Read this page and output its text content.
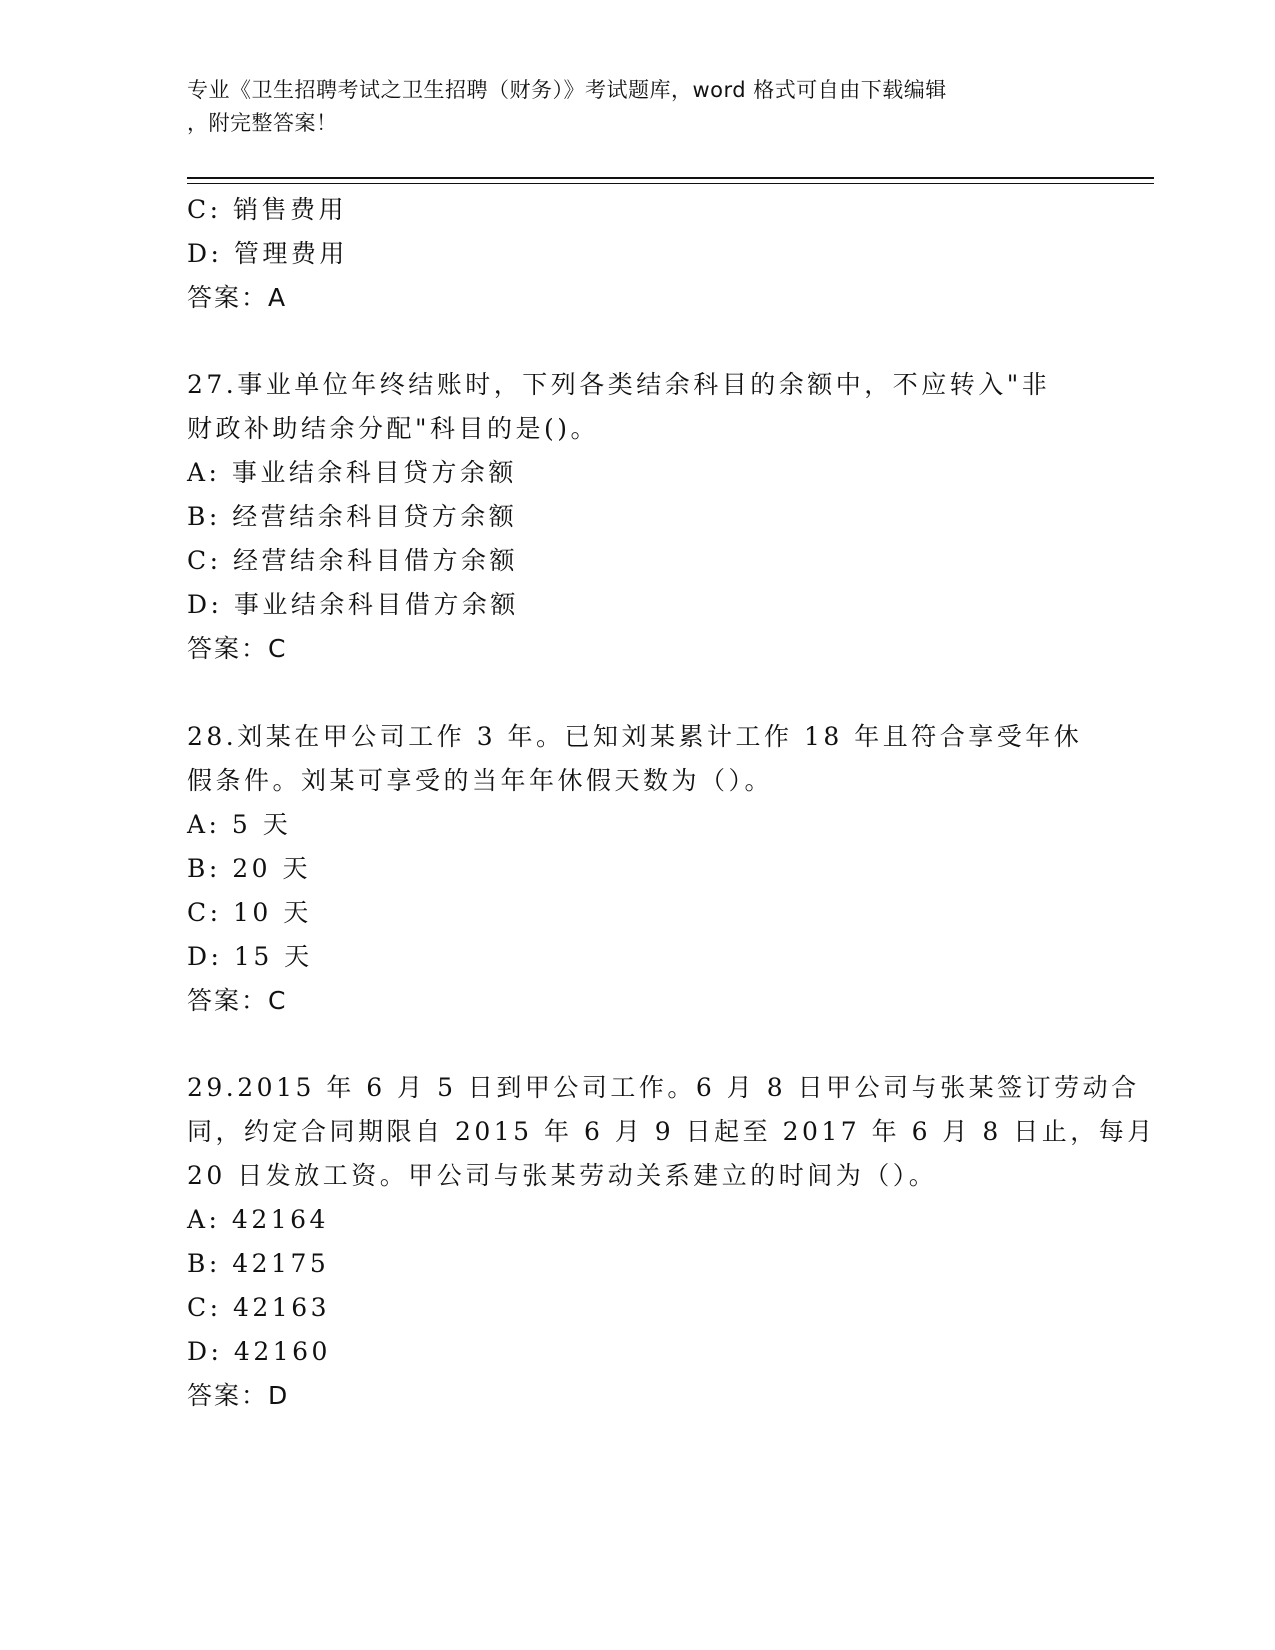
专业《卫生招聘考试之卫生招聘（财务）》考试题库，word 格式可自由下载编辑
，附完整答案！
C: 销售费用
D: 管理费用
答案：A
27.事业单位年终结账时，下列各类结余科目的余额中，不应转入"非
财政补助结余分配"科目的是()。
A: 事业结余科目贷方余额
B: 经营结余科目贷方余额
C: 经营结余科目借方余额
D: 事业结余科目借方余额
答案：C
28.刘某在甲公司工作 3 年。已知刘某累计工作 18 年且符合享受年休
假条件。刘某可享受的当年年休假天数为（）。
A: 5 天
B: 20 天
C: 10 天
D: 15 天
答案：C
29.2015 年 6 月 5 日到甲公司工作。6 月 8 日甲公司与张某签订劳动合
同，约定合同期限自 2015 年 6 月 9 日起至 2017 年 6 月 8 日止，每月
20 日发放工资。甲公司与张某劳动关系建立的时间为（）。
A: 42164
B: 42175
C: 42163
D: 42160
答案：D
